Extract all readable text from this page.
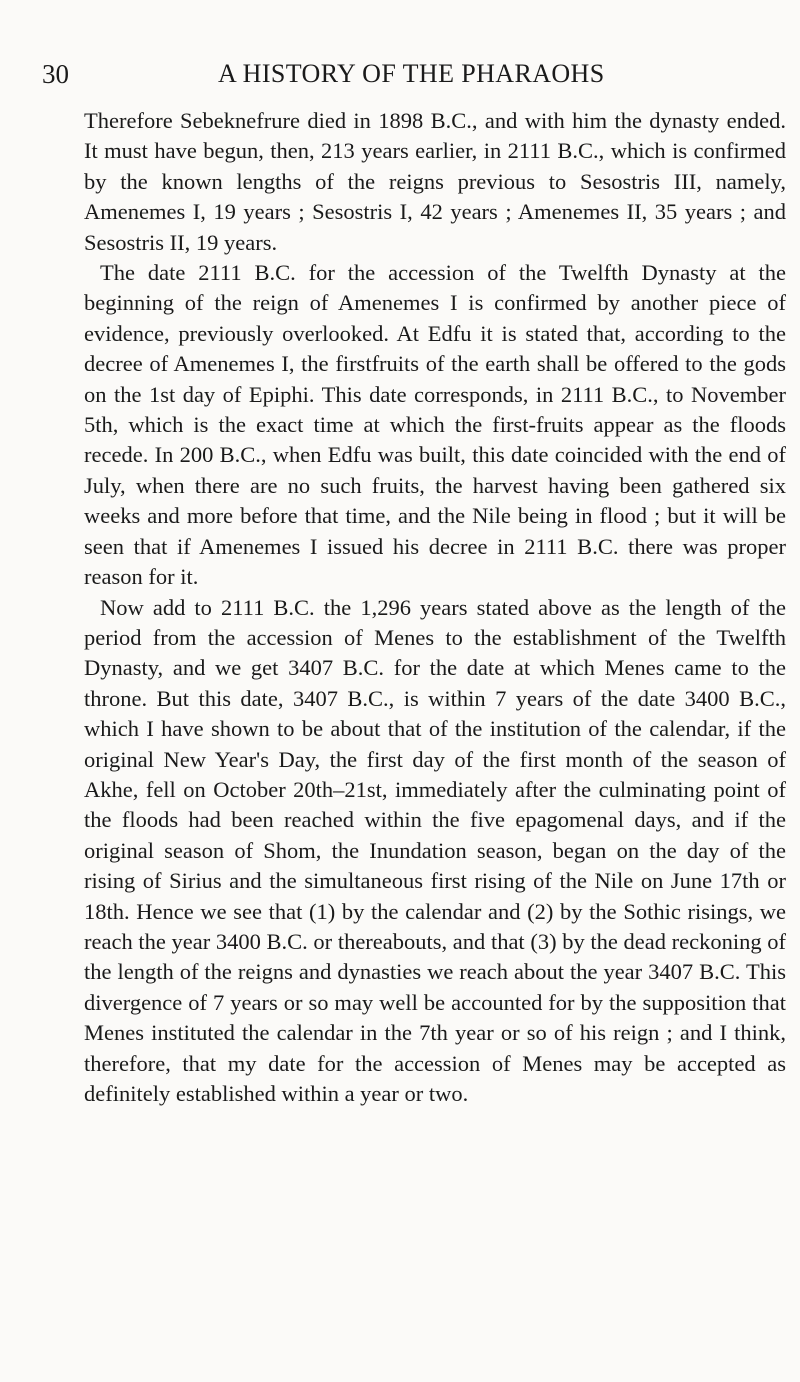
30	A HISTORY OF THE PHARAOHS

Therefore Sebeknefrure died in 1898 B.C., and with him the dynasty ended. It must have begun, then, 213 years earlier, in 2111 B.C., which is confirmed by the known lengths of the reigns previous to Sesostris III, namely, Amenemes I, 19 years ; Sesostris I, 42 years ; Amenemes II, 35 years ; and Sesostris II, 19 years.

The date 2111 B.C. for the accession of the Twelfth Dynasty at the beginning of the reign of Amenemes I is confirmed by another piece of evidence, previously overlooked. At Edfu it is stated that, according to the decree of Amenemes I, the firstfruits of the earth shall be offered to the gods on the 1st day of Epiphi. This date corresponds, in 2111 B.C., to November 5th, which is the exact time at which the first-fruits appear as the floods recede. In 200 B.C., when Edfu was built, this date coincided with the end of July, when there are no such fruits, the harvest having been gathered six weeks and more before that time, and the Nile being in flood ; but it will be seen that if Amenemes I issued his decree in 2111 B.C. there was proper reason for it.

Now add to 2111 B.C. the 1,296 years stated above as the length of the period from the accession of Menes to the establishment of the Twelfth Dynasty, and we get 3407 B.C. for the date at which Menes came to the throne. But this date, 3407 B.C., is within 7 years of the date 3400 B.C., which I have shown to be about that of the institution of the calendar, if the original New Year's Day, the first day of the first month of the season of Akhe, fell on October 20th–21st, immediately after the culminating point of the floods had been reached within the five epagomenal days, and if the original season of Shom, the Inundation season, began on the day of the rising of Sirius and the simultaneous first rising of the Nile on June 17th or 18th. Hence we see that (1) by the calendar and (2) by the Sothic risings, we reach the year 3400 B.C. or thereabouts, and that (3) by the dead reckoning of the length of the reigns and dynasties we reach about the year 3407 B.C. This divergence of 7 years or so may well be accounted for by the supposition that Menes instituted the calendar in the 7th year or so of his reign ; and I think, therefore, that my date for the accession of Menes may be accepted as definitely established within a year or two.
